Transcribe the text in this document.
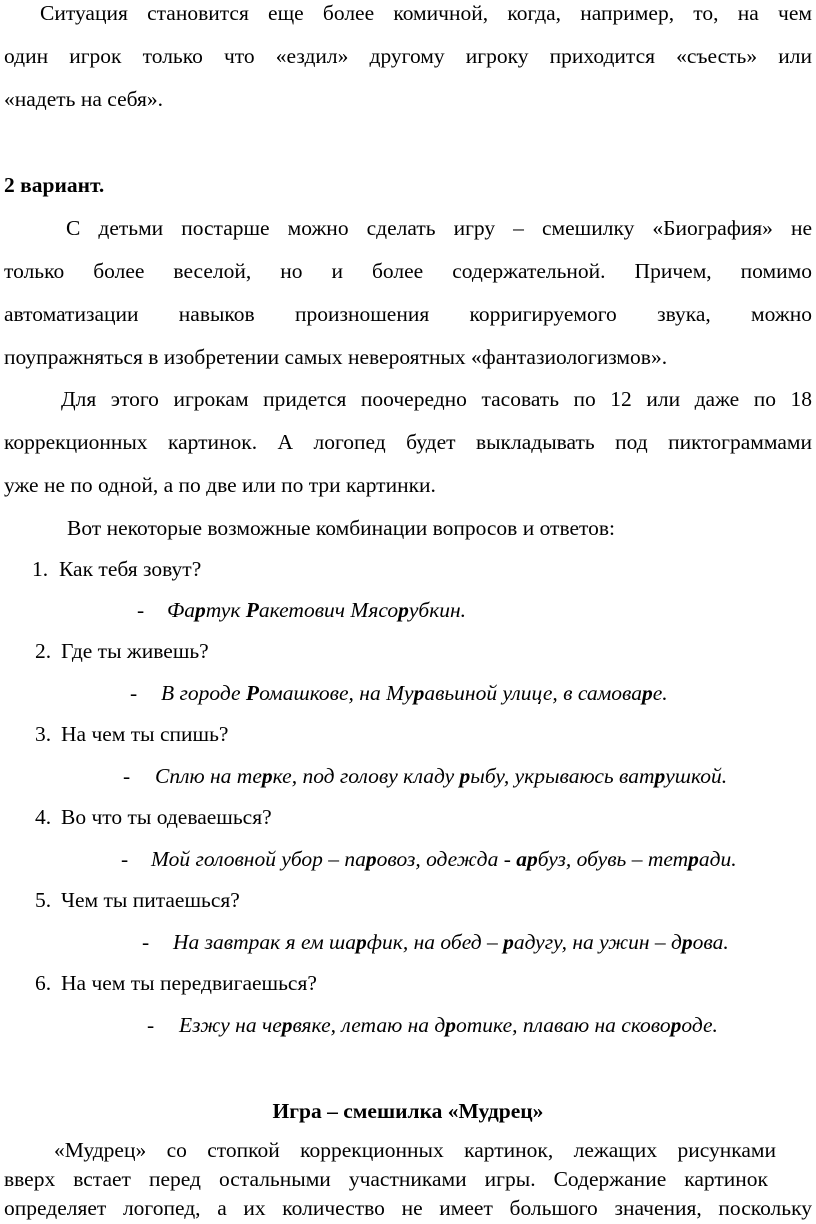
Ситуация становится еще более комичной, когда, например, то, на чем
один игрок только что «ездил» другому игроку приходится «съесть» или
«надеть на себя».
2 вариант.
С детьми постарше можно сделать игру – смешилку «Биография» не
только более веселой, но и более содержательной. Причем, помимо
автоматизации навыков произношения корригируемого звука, можно
поупражняться в изобретении самых невероятных «фантазиологизмов».
Для этого игрокам придется поочередно тасовать по 12 или даже по 18
коррекционных картинок. А логопед будет выкладывать под пиктограммами
уже не по одной, а по две или по три картинки.
Вот некоторые возможные комбинации вопросов и ответов:
1. Как тебя зовут?
- Фартук Ракетович Мясорубкин.
2. Где ты живешь?
- В городе Ромашкове, на Муравьиной улице, в самоваре.
3. На чем ты спишь?
- Сплю на терке, под голову кладу рыбу, укрываюсь ватрушкой.
4. Во что ты одеваешься?
- Мой головной убор – паровоз, одежда - арбуз, обувь – тетради.
5. Чем ты питаешься?
- На завтрак я ем шарфик, на обед – радугу, на ужин – дрова.
6. На чем ты передвигаешься?
- Езжу на червяке, летаю на дротике, плаваю на сковороде.
Игра – смешилка «Мудрец»
«Мудрец» со стопкой коррекционных картинок, лежащих рисунками
вверх встает перед остальными участниками игры. Содержание картинок
определяет логопед, а их количество не имеет большого значения, поскольку
